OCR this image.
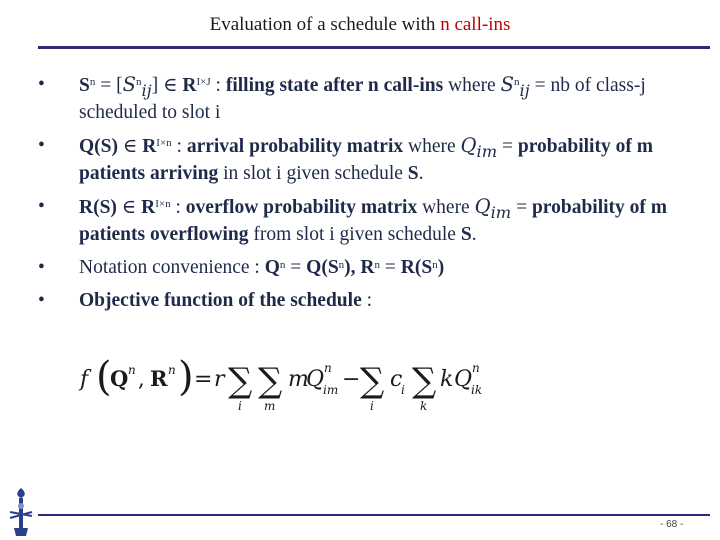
Evaluation of a schedule with n call-ins
• $S^n = [S^n_{ij}]$ ∈ $R^{I\times J}$ : filling state after n call-ins where $S^n_{ij}$ = nb of class-j scheduled to slot i
• Q(S) ∈ $R^{I\times n}$ : arrival probability matrix where $Q_{im}$ = probability of m patients arriving in slot i given schedule S.
• R(S) ∈ $R^{I\times n}$ : overflow probability matrix where $Q_{im}$ = probability of m patients overflowing from slot i given schedule S.
• Notation convenience : $Q^n = Q(S^n)$, $R^n = R(S^n)$
• Objective function of the schedule :
f (
Q n , R n ) = r ∑
i
∑
m
m
Q n
im − ∑
i
c
i ∑
k
k Q n
ik
- 68 -
